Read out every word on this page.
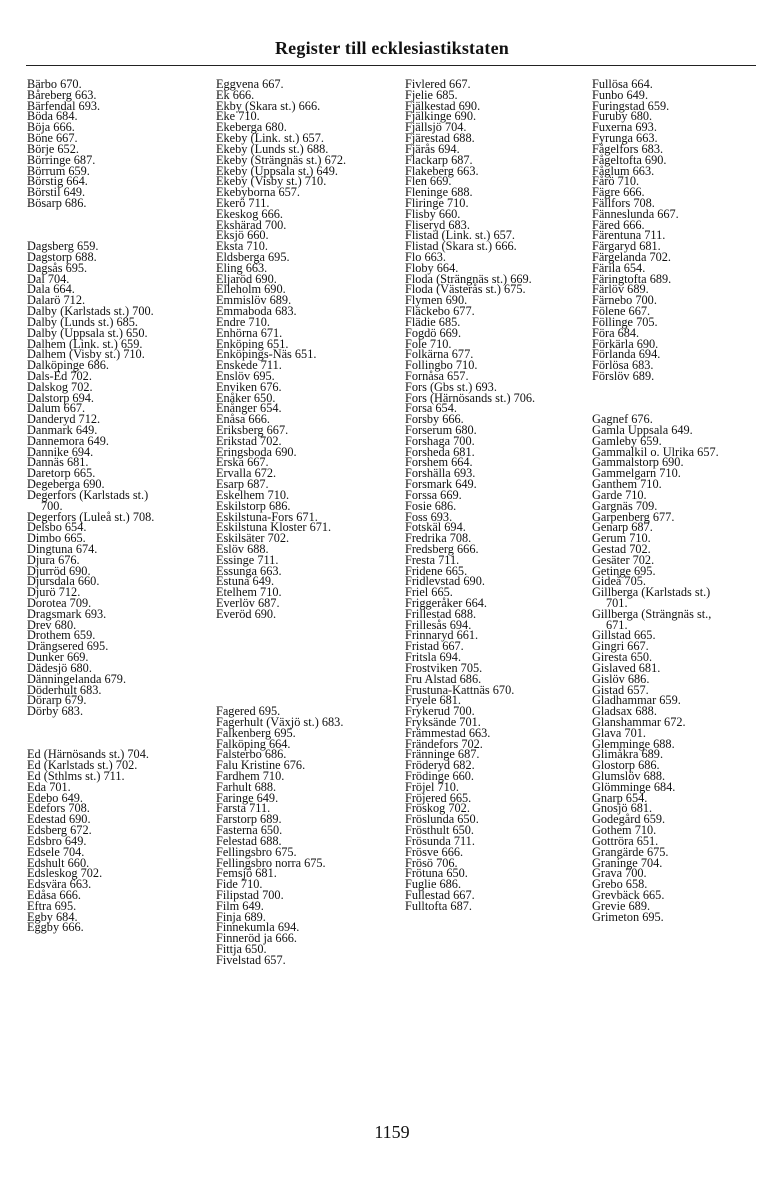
Register till ecklesiastikstaten
Bärbo 670.
Båreberg 663.
Bärfendal 693.
Böda 684.
Böja 666.
Böne 667.
Börje 652.
Börringe 687.
Börrum 659.
Börstig 664.
Börstil 649.
Bösarp 686.
Dagsberg 659.
Dagstorp 688.
Dagsås 695.
Dal 704.
Dala 664.
Dalarö 712.
Dalby (Karlstads st.) 700.
Dalby (Lunds st.) 685.
Dalby (Uppsala st.) 650.
Dalhem (Link. st.) 659.
Dalhem (Visby st.) 710.
Dalköpinge 686.
Dals-Ed 702.
Dalskog 702.
Dalstorp 694.
Dalum 667.
Danderyd 712.
Danmark 649.
Dannemora 649.
Dannike 694.
Dannäs 681.
Daretorp 665.
Degeberga 690.
Degerfors (Karlstads st.)
700.
Degerfors (Luleå st.) 708.
Delsbo 654.
Dimbo 665.
Dingtuna 674.
Djura 676.
Djurröd 690.
Djursdala 660.
Djurö 712.
Dorotea 709.
Dragsmark 693.
Drev 680.
Drothem 659.
Drängsered 695.
Dunker 669.
Dädesjö 680.
Dänningelanda 679.
Döderhult 683.
Dörarp 679.
Dörby 683.
Ed (Härnösands st.) 704.
Ed (Karlstads st.) 702.
Ed (Sthlms st.) 711.
Eda 701.
Edebo 649.
Edefors 708.
Edestad 690.
Edsberg 672.
Edsbro 649.
Edsele 704.
Edshult 660.
Edsleskog 702.
Edsvära 663.
Edåsa 666.
Eftra 695.
Egby 684.
Eggby 666.
Eggvena 667.
Ek 666.
Ekby (Skara st.) 666.
Eke 710.
Ekeberga 680.
Ekeby (Link. st.) 657.
Ekeby (Lunds st.) 688.
Ekeby (Strängnäs st.) 672.
Ekeby (Uppsala st.) 649.
Ekeby (Visby st.) 710.
Ekebyborna 657.
Ekerö 711.
Ekeskog 666.
Ekshärad 700.
Eksjö 660.
Eksta 710.
Eldsberga 695.
Eling 663.
Eljaröd 690.
Elleholm 690.
Emmislöv 689.
Emmaboda 683.
Endre 710.
Enhörna 671.
Enköping 651.
Enköpings-Näs 651.
Enskede 711.
Enslöv 695.
Enviken 676.
Enåker 650.
Enånger 654.
Enåsa 666.
Eriksberg 667.
Erikstad 702.
Eringsboda 690.
Erska 667.
Ervalla 672.
Esarp 687.
Eskelhem 710.
Eskilstorp 686.
Eskilstuna-Fors 671.
Eskilstuna Kloster 671.
Eskilsäter 702.
Eslöv 688.
Essinge 711.
Essunga 663.
Estuna 649.
Etelhem 710.
Everlöv 687.
Everöd 690.
Fagered 695.
Fagerhult (Växjö st.) 683.
Falkenberg 695.
Falköping 664.
Falsterbo 686.
Falu Kristine 676.
Fardhem 710.
Farhult 688.
Faringe 649.
Farsta 711.
Farstorp 689.
Fasterna 650.
Felestad 688.
Fellingsbro 675.
Fellingsbro norra 675.
Femsjö 681.
Fide 710.
Filipstad 700.
Film 649.
Finja 689.
Finnekumla 694.
Finneröd ja 666.
Fittja 650.
Fivelstad 657.
Fivlered 667.
Fjelie 685.
Fjälkestad 690.
Fjälkinge 690.
Fjällsjö 704.
Fjärestad 688.
Fjärås 694.
Flackarp 687.
Flakeberg 663.
Flen 669.
Fleninge 688.
Fliringe 710.
Flisby 660.
Fliseryd 683.
Flistad (Link. st.) 657.
Flistad (Skara st.) 666.
Flo 663.
Floby 664.
Floda (Strängnäs st.) 669.
Floda (Västerås st.) 675.
Flymen 690.
Fläckebo 677.
Flädie 685.
Fogdö 669.
Fole 710.
Folkärna 677.
Follingbo 710.
Fornåsa 657.
Fors (Gbs st.) 693.
Fors (Härnösands st.) 706.
Forsa 654.
Forsby 666.
Forserum 680.
Forshaga 700.
Forsheda 681.
Forshem 664.
Forshälla 693.
Forsmark 649.
Forssa 669.
Fosie 686.
Foss 693.
Fotskäl 694.
Fredrika 708.
Fredsberg 666.
Fresta 711.
Fridene 665.
Fridlevstad 690.
Friel 665.
Friggeråker 664.
Frillestad 688.
Frillesås 694.
Frinnaryd 661.
Fristad 667.
Fritsla 694.
Frostviken 705.
Fru Alstad 686.
Frustuna-Kattnäs 670.
Fryele 681.
Frykerud 700.
Fryksände 701.
Främmestad 663.
Frändefors 702.
Fränninge 687.
Fröderyd 682.
Frödinge 660.
Fröjel 710.
Fröjered 665.
Fröskog 702.
Fröslunda 650.
Frösthult 650.
Frösunda 711.
Frösve 666.
Frösö 706.
Frötuna 650.
Fuglie 686.
Fullestad 667.
Fulltofta 687.
Fullösa 664.
Funbo 649.
Furingstad 659.
Furuby 680.
Fuxerna 693.
Fyrunga 663.
Fågelfors 683.
Fågeltofta 690.
Fåglum 663.
Fårö 710.
Fägre 666.
Fällfors 708.
Fänneslunda 667.
Färed 666.
Färentuna 711.
Färgaryd 681.
Färgelanda 702.
Färila 654.
Färingtofta 689.
Färlöv 689.
Färnebo 700.
Fölene 667.
Föllinge 705.
Föra 684.
Förkärla 690.
Förlanda 694.
Förlösa 683.
Förslöv 689.
Gagnef 676.
Gamla Uppsala 649.
Gamleby 659.
Gammalkil o. Ulrika 657.
Gammalstorp 690.
Gammelgarn 710.
Ganthem 710.
Garde 710.
Gargnäs 709.
Garpenberg 677.
Genarp 687.
Gerum 710.
Gestad 702.
Gesäter 702.
Getinge 695.
Gideå 705.
Gillberga (Karlstads st.)
701.
Gillberga (Strängnäs st.,
671.
Gillstad 665.
Gingri 667.
Giresta 650.
Gislaved 681.
Gislöv 686.
Gistad 657.
Gladhammar 659.
Gladsax 688.
Glanshammar 672.
Glava 701.
Glemminge 688.
Glimåkra 689.
Glostorp 686.
Glumslöv 688.
Glömminge 684.
Gnarp 654.
Gnosjö 681.
Godegård 659.
Gothem 710.
Gottröra 651.
Grangärde 675.
Graninge 704.
Grava 700.
Grebo 658.
Grevbäck 665.
Grevie 689.
Grimeton 695.
1159
